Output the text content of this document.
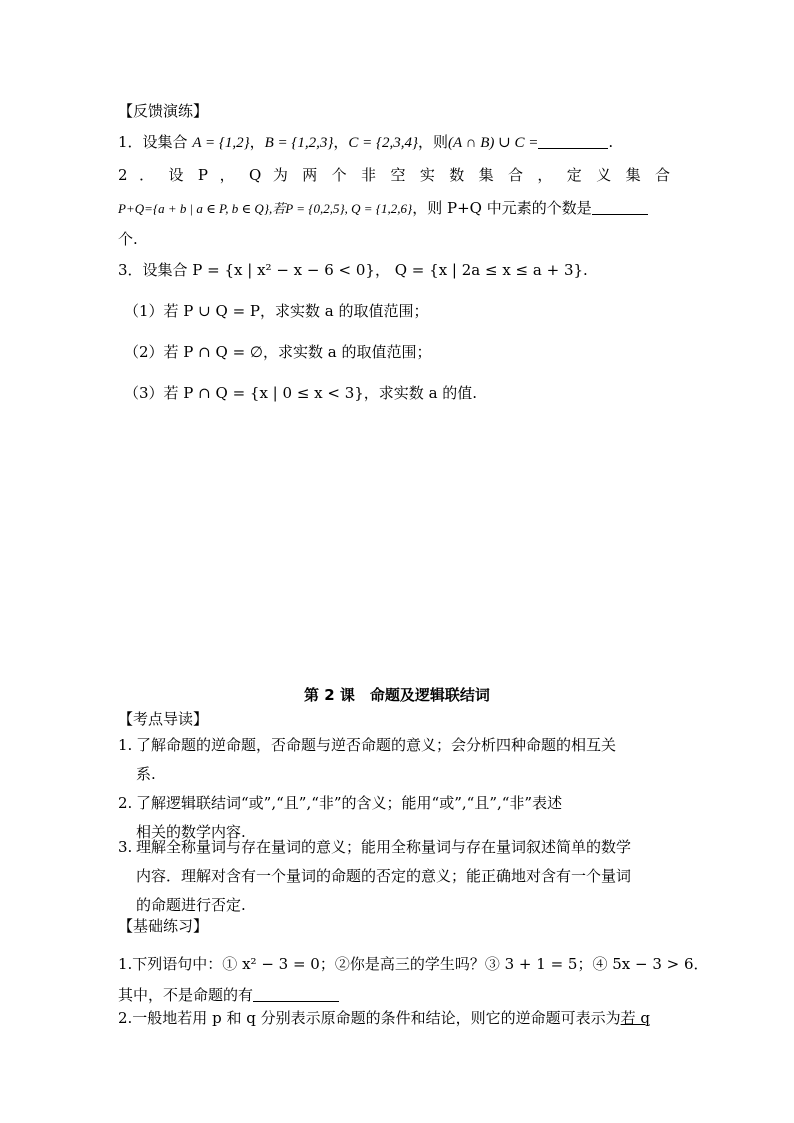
【反馈演练】
1．设集合 A = {1,2}，B = {1,2,3}，C = {2,3,4}，则(A ∩ B) ∪ C =	.
2 ． 设 P ， Q 为 两 个 非 空 实 数 集 合 ， 定 义 集 合
P+Q={a + b | a ∈ P, b ∈ Q},若P = {0,2,5}, Q = {1,2,6}，则 P+Q 中元素的个数是
个.
3．设集合 P = {x | x² − x − 6 < 0}， Q = {x | 2a ≤ x ≤ a + 3}.
（1）若 P ∪ Q = P，求实数 a 的取值范围；
（2）若 P ∩ Q = ∅，求实数 a 的取值范围；
（3）若 P ∩ Q = {x | 0 ≤ x < 3}，求实数 a 的值.
第 2 课　命题及逻辑联结词
【考点导读】
1. 了解命题的逆命题，否命题与逆否命题的意义；会分析四种命题的相互关
系.
2. 了解逻辑联结词“或”,“且”,“非”的含义；能用“或”,“且”,“非”表述
相关的数学内容.
3. 理解全称量词与存在量词的意义；能用全称量词与存在量词叙述简单的数学
内容．理解对含有一个量词的命题的否定的意义；能正确地对含有一个量词
的命题进行否定.
【基础练习】
1.下列语句中：① x² − 3 = 0；②你是高三的学生吗？③ 3 + 1 = 5；④ 5x − 3 > 6．
其中，不是命题的有
2.一般地若用 p 和 q 分别表示原命题的条件和结论，则它的逆命题可表示为若 q
